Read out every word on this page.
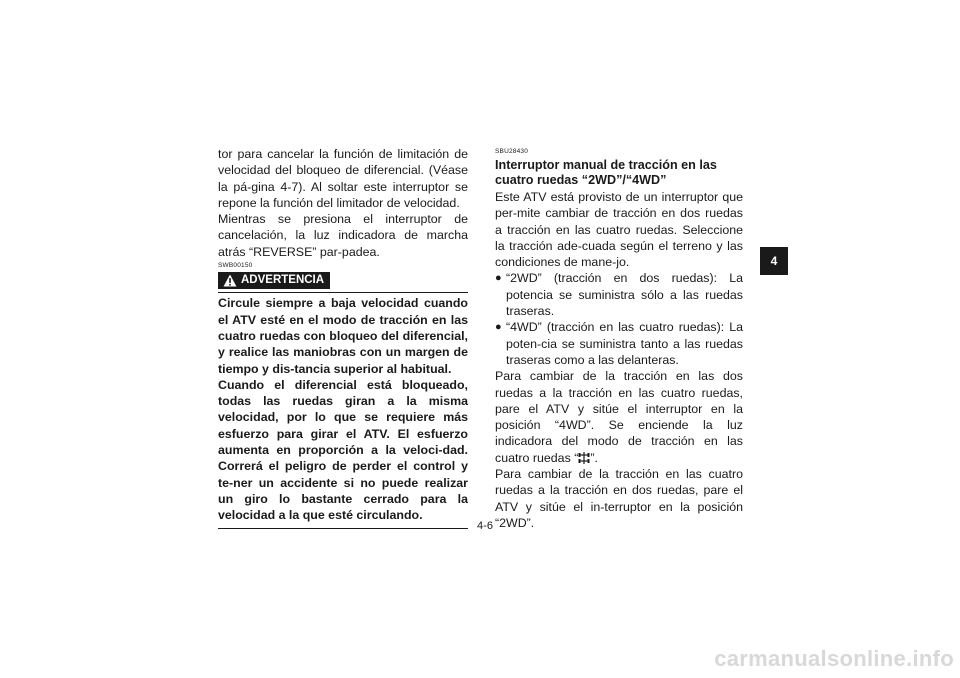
tor para cancelar la función de limitación de velocidad del bloqueo de diferencial. (Véase la pá-gina 4-7). Al soltar este interruptor se repone la función del limitador de velocidad.

Mientras se presiona el interruptor de cancelación, la luz indicadora de marcha atrás “REVERSE” par-padea.

SWB00150
ADVERTENCIA

Circule siempre a baja velocidad cuando el ATV esté en el modo de tracción en las cuatro ruedas con bloqueo del diferencial, y realice las maniobras con un margen de tiempo y dis-tancia superior al habitual.

Cuando el diferencial está bloqueado, todas las ruedas giran a la misma velocidad, por lo que se requiere más esfuerzo para girar el ATV. El esfuerzo aumenta en proporción a la veloci-dad. Correrá el peligro de perder el control y te-ner un accidente si no puede realizar un giro lo bastante cerrado para la velocidad a la que esté circulando.

SBU28430
Interruptor manual de tracción en las cuatro ruedas “2WD”/“4WD”

Este ATV está provisto de un interruptor que per-mite cambiar de tracción en dos ruedas a tracción en las cuatro ruedas. Seleccione la tracción ade-cuada según el terreno y las condiciones de mane-jo.

● “2WD” (tracción en dos ruedas): La potencia se suministra sólo a las ruedas traseras.
● “4WD” (tracción en las cuatro ruedas): La poten-cia se suministra tanto a las ruedas traseras como a las delanteras.

Para cambiar de la tracción en las dos ruedas a la tracción en las cuatro ruedas, pare el ATV y sitúe el interruptor en la posición “4WD”. Se enciende la luz indicadora del modo de tracción en las cuatro ruedas “ ”.

Para cambiar de la tracción en las cuatro ruedas a la tracción en dos ruedas, pare el ATV y sitúe el in-terruptor en la posición “2WD”.

4
4-6
carmanualsonline.info
